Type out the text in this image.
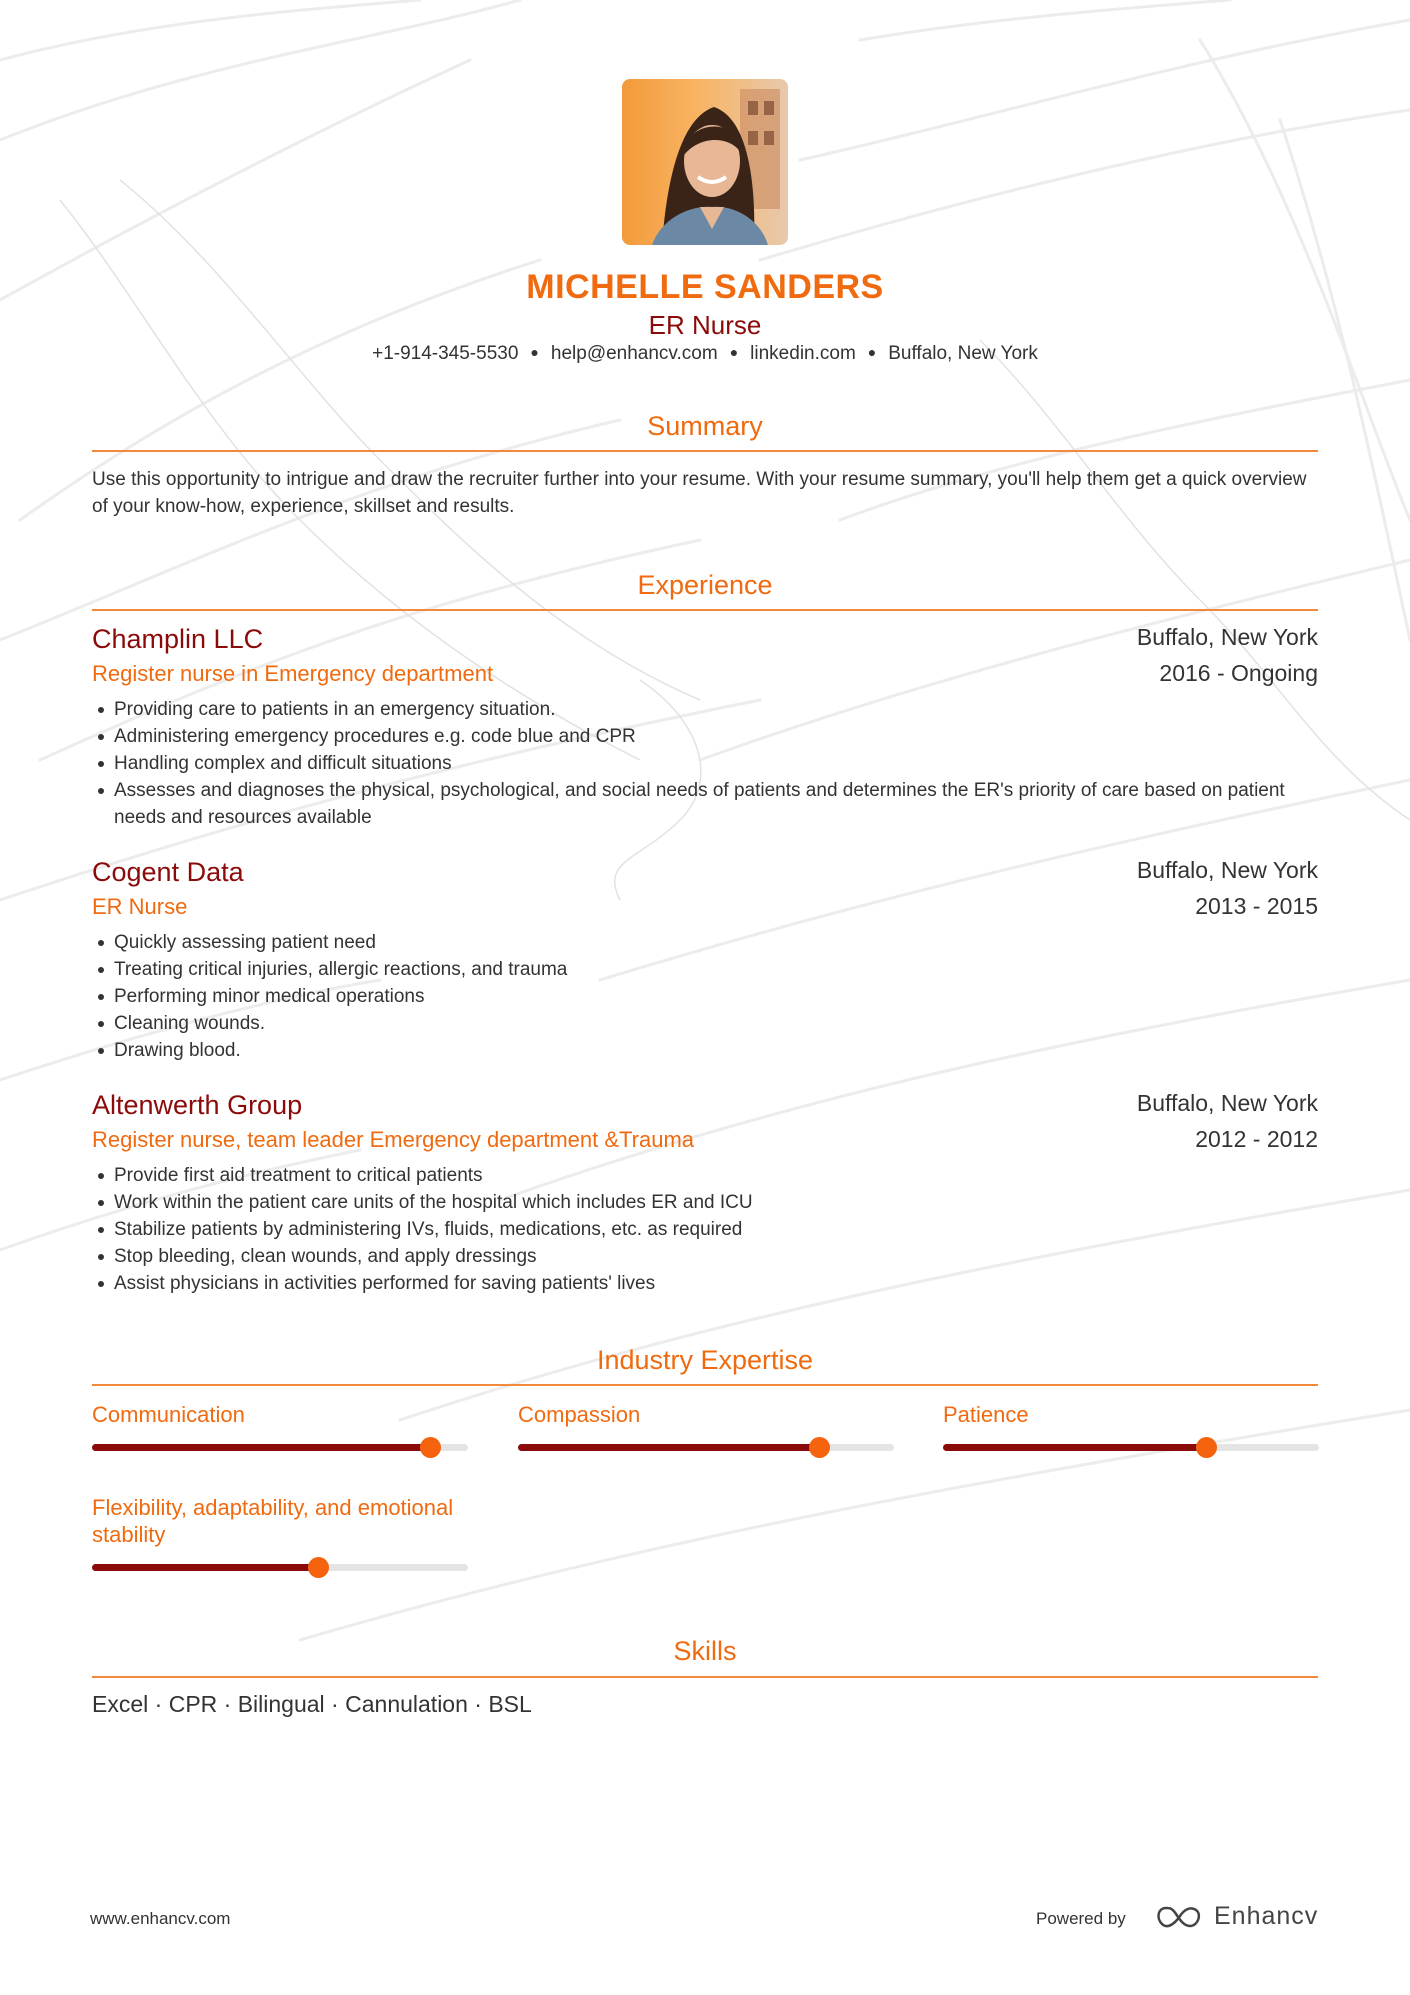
MICHELLE SANDERS
ER Nurse
+1-914-345-5530 ● help@enhancv.com ● linkedin.com ● Buffalo, New York
Summary
Use this opportunity to intrigue and draw the recruiter further into your resume. With your resume summary, you'll help them get a quick overview of your know-how, experience, skillset and results.
Experience
Champlin LLC	Buffalo, New York
Register nurse in Emergency department	2016 - Ongoing
Providing care to patients in an emergency situation.
Administering emergency procedures e.g. code blue and CPR
Handling complex and difficult situations
Assesses and diagnoses the physical, psychological, and social needs of patients and determines the ER's priority of care based on patient needs and resources available
Cogent Data	Buffalo, New York
ER Nurse	2013 - 2015
Quickly assessing patient need
Treating critical injuries, allergic reactions, and trauma
Performing minor medical operations
Cleaning wounds.
Drawing blood.
Altenwerth Group	Buffalo, New York
Register nurse, team leader Emergency department &Trauma	2012 - 2012
Provide first aid treatment to critical patients
Work within the patient care units of the hospital which includes ER and ICU
Stabilize patients by administering IVs, fluids, medications, etc. as required
Stop bleeding, clean wounds, and apply dressings
Assist physicians in activities performed for saving patients' lives
Industry Expertise
Communication	Compassion	Patience
Flexibility, adaptability, and emotional stability
Skills
Excel · CPR · Bilingual · Cannulation · BSL
www.enhancv.com	Powered by	Enhancv
